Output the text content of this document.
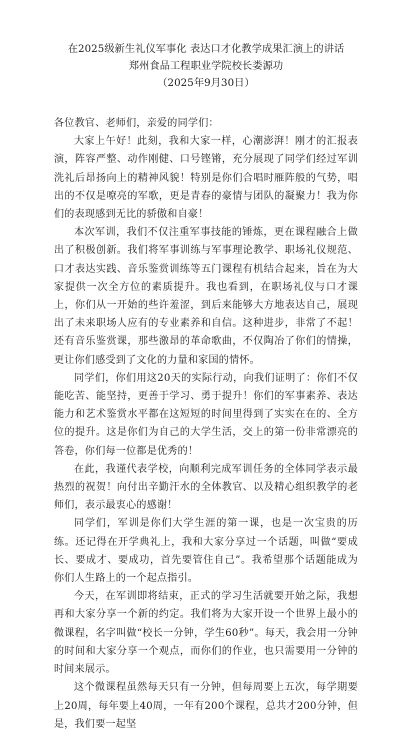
在2025级新生礼仪军事化 表达口才化教学成果汇演上的讲话
郑州食品工程职业学院校长娄源功
（2025年9月30日）
各位教官、老师们，亲爱的同学们：

大家上午好！此刻，我和大家一样，心潮澎湃！刚才的汇报表演，阵容严整、动作刚健、口号铿锵，充分展现了同学们经过军训洗礼后昂扬向上的精神风貌！特别是你们合唱时雁阵般的气势，唱出的不仅是嘹亮的军歌，更是青春的豪情与团队的凝聚力！我为你们的表现感到无比的骄傲和自豪！

本次军训，我们不仅注重军事技能的锤炼，更在课程融合上做出了积极创新。我们将军事训练与军事理论教学、职场礼仪规范、口才表达实践、音乐鉴赏训练等五门课程有机结合起来，旨在为大家提供一次全方位的素质提升。我也看到，在职场礼仪与口才课上，你们从一开始的些许羞涩，到后来能够大方地表达自己，展现出了未来职场人应有的专业素养和自信。这种进步，非常了不起！还有音乐鉴赏课，那些激昂的革命歌曲，不仅陶冶了你们的情操，更让你们感受到了文化的力量和家国的情怀。

同学们，你们用这20天的实际行动，向我们证明了：你们不仅能吃苦、能坚持，更善于学习、勇于提升！你们的军事素养、表达能力和艺术鉴赏水平都在这短短的时间里得到了实实在在的、全方位的提升。这是你们为自己的大学生活，交上的第一份非常漂亮的答卷，你们每一位都是优秀的！

在此，我谨代表学校，向顺利完成军训任务的全体同学表示最热烈的祝贺！向付出辛勤汗水的全体教官、以及精心组织教学的老师们，表示最衷心的感谢！

同学们，军训是你们大学生涯的第一课，也是一次宝贵的历练。还记得在开学典礼上，我和大家分享过一个话题，叫做“要成长、要成才、要成功，首先要管住自己”。我希望那个话题能成为你们人生路上的一个起点指引。

今天，在军训即将结束，正式的学习生活就要开始之际，我想再和大家分享一个新的约定。我们将为大家开设一个世界上最小的微课程，名字叫做“校长一分钟，学生60秒”。每天，我会用一分钟的时间和大家分享一个观点，而你们的作业，也只需要用一分钟的时间来展示。

这个微课程虽然每天只有一分钟，但每周要上五次，每学期要上20周，每年要上40周，一年有200个课程，总共才200分钟，但是，我们要一起坚
